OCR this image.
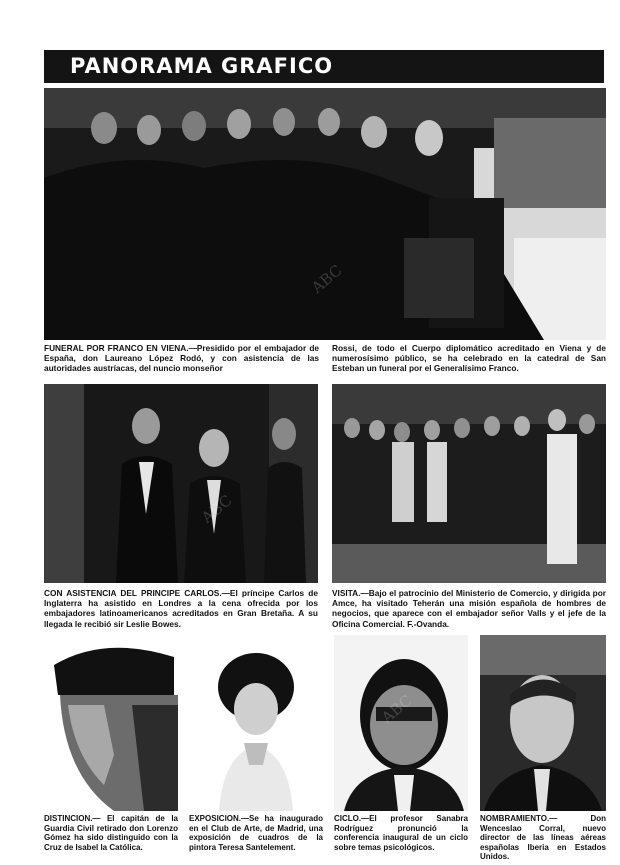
PANORAMA GRAFICO
FUNERAL POR FRANCO EN VIENA.—Presidido por el embajador de España, don Laureano López Rodó, y con asistencia de las autoridades austríacas, del nuncio monseñor
Rossi, de todo el Cuerpo diplomático acreditado en Viena y de numerosísimo público, se ha celebrado en la catedral de San Esteban un funeral por el Generalísimo Franco.
CON ASISTENCIA DEL PRINCIPE CARLOS.—El príncipe Carlos de Inglaterra ha asistido en Londres a la cena ofrecida por los embajadores latinoamericanos acreditados en Gran Bretaña. A su llegada le recibió sir Leslie Bowes.
VISITA.—Bajo el patrocinio del Ministerio de Comercio, y dirigida por Amce, ha visitado Teherán una misión española de hombres de negocios, que aparece con el embajador señor Valls y el jefe de la Oficina Comercial. F.-Ovanda.
DISTINCION.— El capitán de la Guardia Civil retirado don Lorenzo Gómez ha sido distinguido con la Cruz de Isabel la Católica.
EXPOSICION.—Se ha inaugurado en el Club de Arte, de Madrid, una exposición de cuadros de la pintora Teresa Santelement.
CICLO.—El profesor Sanabra Rodríguez pronunció la conferencia inaugural de un ciclo sobre temas psicológicos.
NOMBRAMIENTO.— Don Wenceslao Corral, nuevo director de las líneas aéreas españolas Iberia en Estados Unidos.
